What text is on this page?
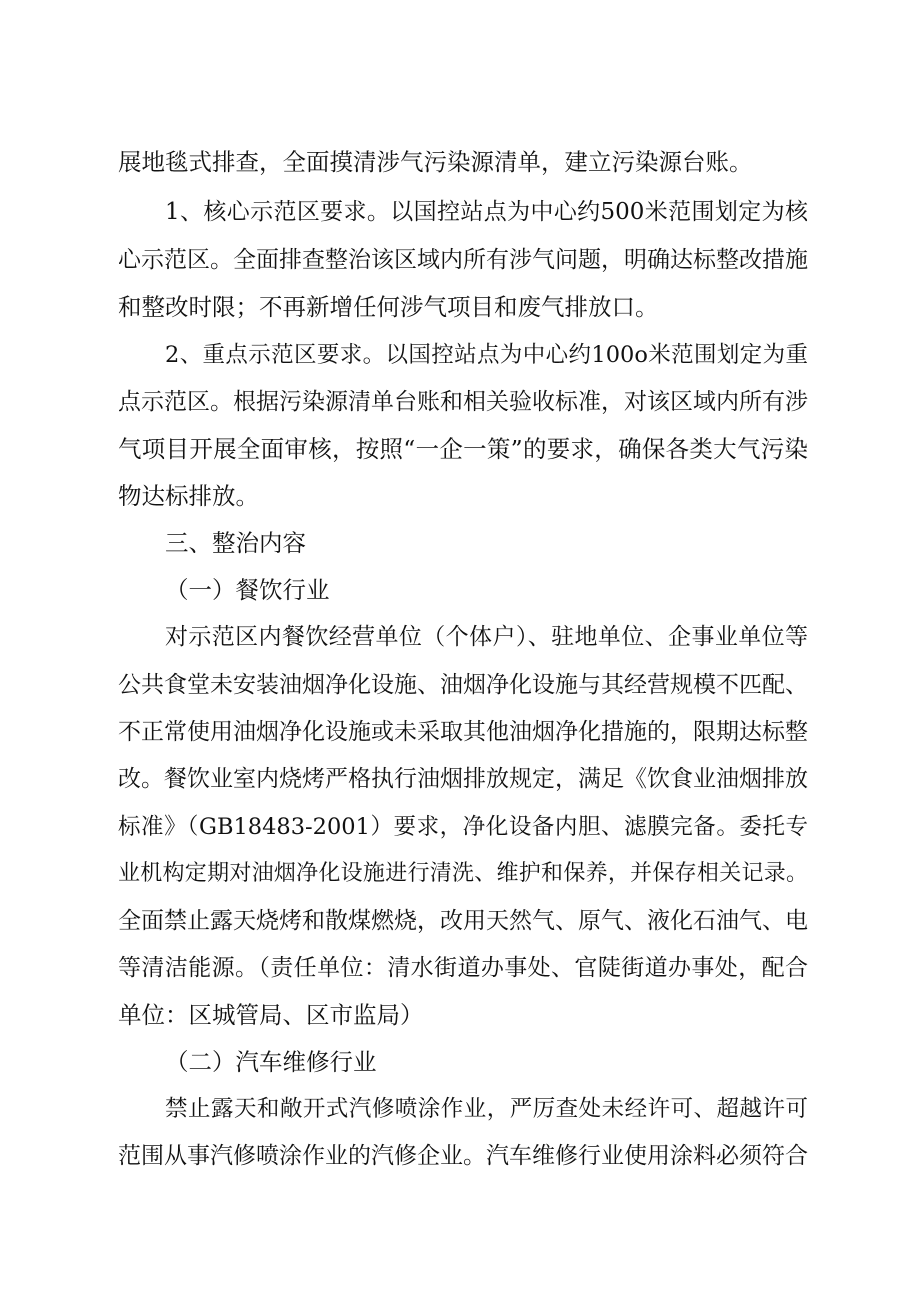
展地毯式排查，全面摸清涉气污染源清单，建立污染源台账。
1、核心示范区要求。以国控站点为中心约500米范围划定为核
心示范区。全面排查整治该区域内所有涉气问题，明确达标整改措施
和整改时限；不再新增任何涉气项目和废气排放口。
2、重点示范区要求。以国控站点为中心约100o米范围划定为重
点示范区。根据污染源清单台账和相关验收标准，对该区域内所有涉
气项目开展全面审核，按照“一企一策”的要求，确保各类大气污染
物达标排放。
三、整治内容
（一）餐饮行业
对示范区内餐饮经营单位（个体户）、驻地单位、企事业单位等
公共食堂未安装油烟净化设施、油烟净化设施与其经营规模不匹配、
不正常使用油烟净化设施或未采取其他油烟净化措施的，限期达标整
改。餐饮业室内烧烤严格执行油烟排放规定，满足《饮食业油烟排放
标准》（GB18483-2001）要求，净化设备内胆、滤膜完备。委托专
业机构定期对油烟净化设施进行清洗、维护和保养，并保存相关记录。
全面禁止露天烧烤和散煤燃烧，改用天然气、原气、液化石油气、电
等清洁能源。（责任单位：清水街道办事处、官陡街道办事处，配合
单位：区城管局、区市监局）
（二）汽车维修行业
禁止露天和敞开式汽修喷涂作业，严厉查处未经许可、超越许可
范围从事汽修喷涂作业的汽修企业。汽车维修行业使用涂料必须符合
